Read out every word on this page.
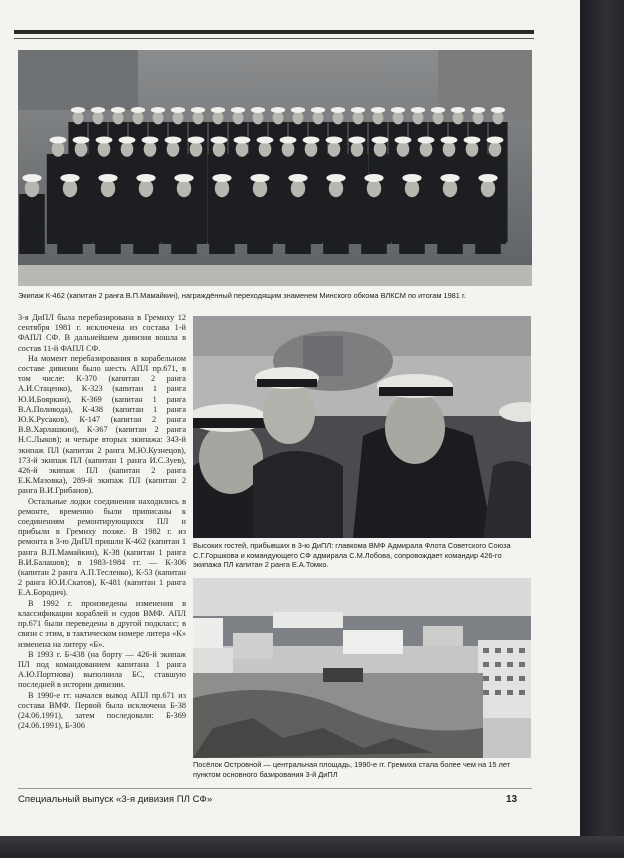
Экипаж К-462 (капитан 2 ранга В.П.Мамайкин), награждённый переходящим знаменем Минского обкома ВЛКСМ по итогам 1981 г.

3-я ДиПЛ была перебазирована в Гремиху 12 сентября 1981 г. исключена из состава 1-й ФАПЛ СФ. В дальнейшем дивизия вошла в состав 11-й ФАПЛ СФ.

На момент перебазирования в корабельном составе дивизии было шесть АПЛ пр.671, в том числе: К-370 (капитан 2 ранга А.И.Стаценко), К-323 (капитан 1 ранга Ю.И.Бояркин), К-369 (капитан 1 ранга В.А.Поливода), К-438 (капитан 1 ранга Ю.К.Русаков), К-147 (капитан 2 ранга В.В.Харлашкин), К-367 (капитан 2 ранга Н.С.Лыков); и четыре вторых экипажа: 343-й экипаж ПЛ (капитан 2 ранга М.Ю.Кузнецов), 173-й экипаж ПЛ (капитан 1 ранга И.С.Зуев), 426-й экипаж ПЛ (капитан 2 ранга Е.К.Мазовка), 289-й экипаж ПЛ (капитан 2 ранга В.И.Грибанов).

Остальные лодки соединения находились в ремонте, временно были приписаны к соединениям ремонтирующихся ПЛ и прибыли в Гремиху позже. В 1982 г. из ремонта в 3-ю ДиПЛ пришли К-462 (капитан 1 ранга В.П.Мамайкин), К-38 (капитан 1 ранга В.И.Балашов); в 1983-1984 гг. — К-306 (капитан 2 ранга А.П.Тесленко), К-53 (капитан 2 ранга Ю.И.Скатов), К-481 (капитан 1 ранга Е.А.Бородич).

В 1992 г. произведены изменения в классификации кораблей и судов ВМФ. АПЛ пр.671 были переведены в другой подкласс; в связи с этим, в тактическом номере литера «К» изменена на литеру «Б».

В 1993 г. Б-438 (на борту — 426-й экипаж ПЛ под командованием капитана 1 ранга А.Ю.Портнова) выполнила БС, ставшую последней в истории дивизии.

В 1990-е гг. начался вывод АПЛ пр.671 из состава ВМФ. Первой была исключена Б-38 (24.06.1991), затем последовали: Б-369 (24.06.1991), Б-306

Высоких гостей, прибывших в 3-ю ДиПЛ: главкома ВМФ Адмирала Флота Советского Союза С.Г.Горшкова и командующего СФ адмирала С.М.Лобова, сопровождает командир 426-го экипажа ПЛ капитан 2 ранга Е.А.Томко.
Посёлок Островной — центральная площадь, 1990-е гг. Гремиха стала более чем на 15 лет пунктом основного базирования 3-й ДиПЛ
Специальный выпуск «3-я дивизия ПЛ СФ»	13
